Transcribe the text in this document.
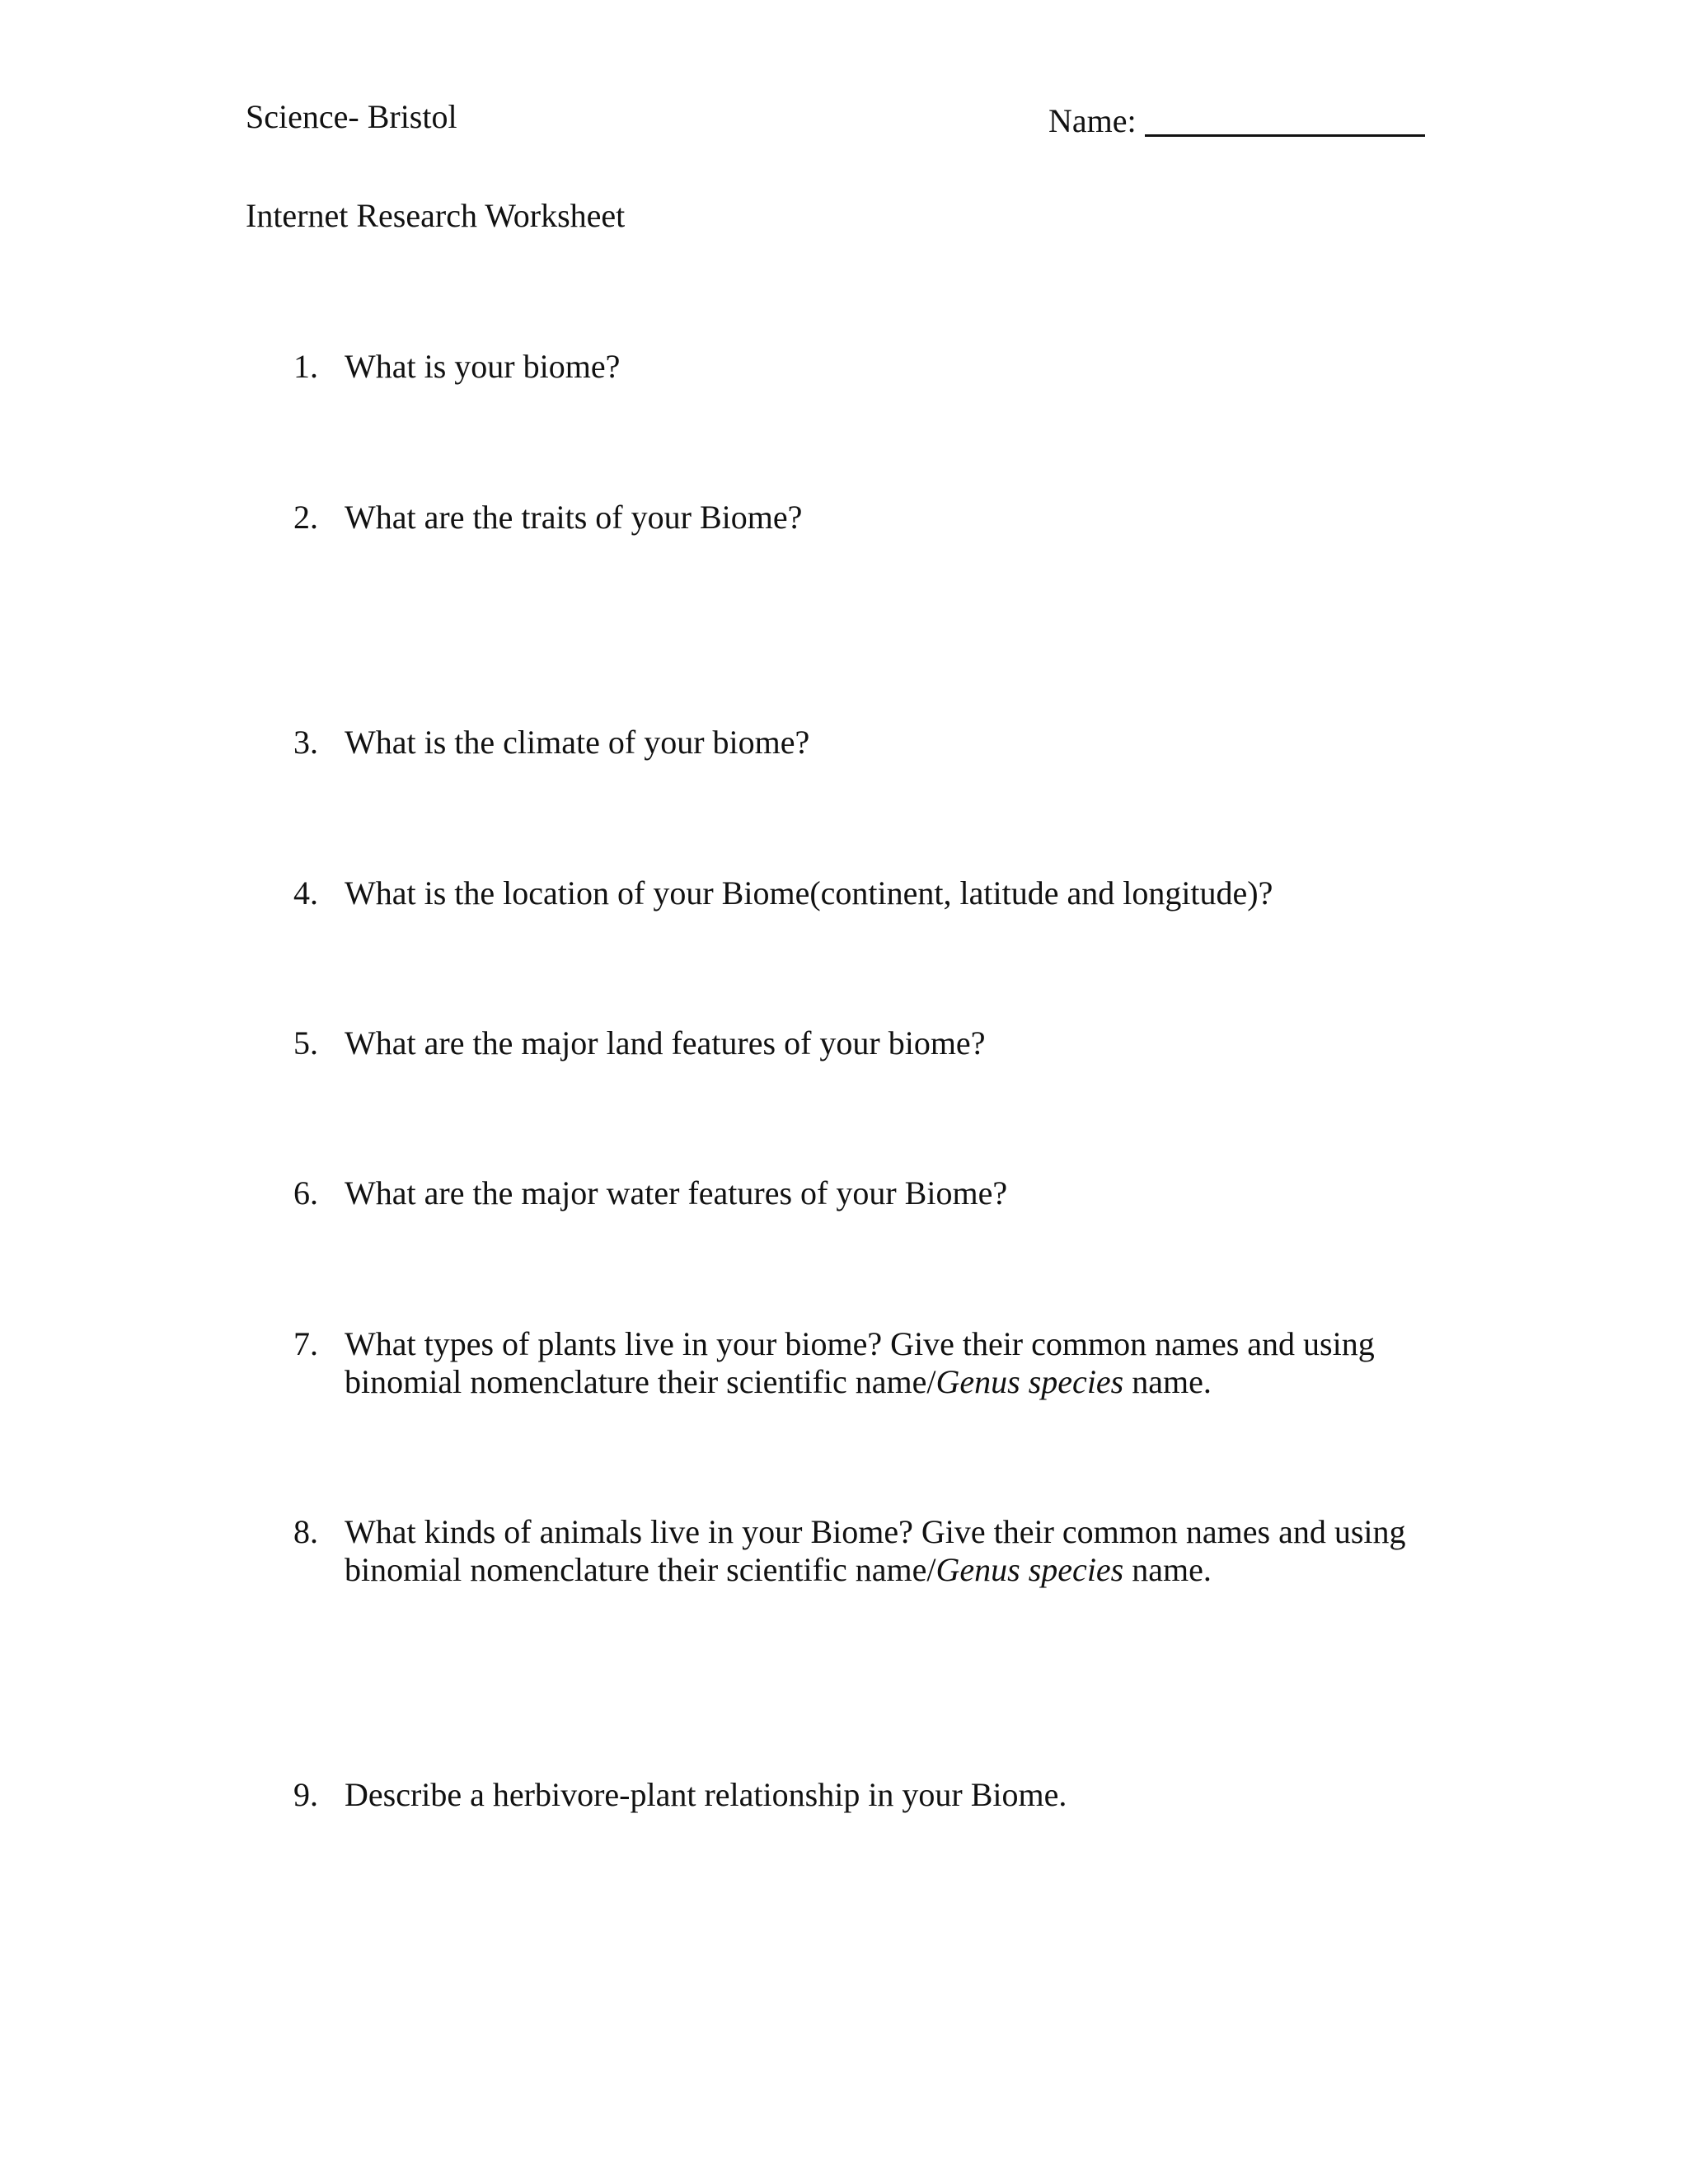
Science- Bristol	Name:
Internet Research Worksheet
1. What is your biome?
2. What are the traits of your Biome?
3. What is the climate of your biome?
4. What is the location of your Biome(continent, latitude and longitude)?
5. What are the major land features of your biome?
6. What are the major water features of your Biome?
7. What types of plants live in your biome? Give their common names and using
binomial nomenclature their scientific name/Genus species name.
8. What kinds of animals live in your Biome? Give their common names and using
binomial nomenclature their scientific name/Genus species name.
9. Describe a herbivore-plant relationship in your Biome.
